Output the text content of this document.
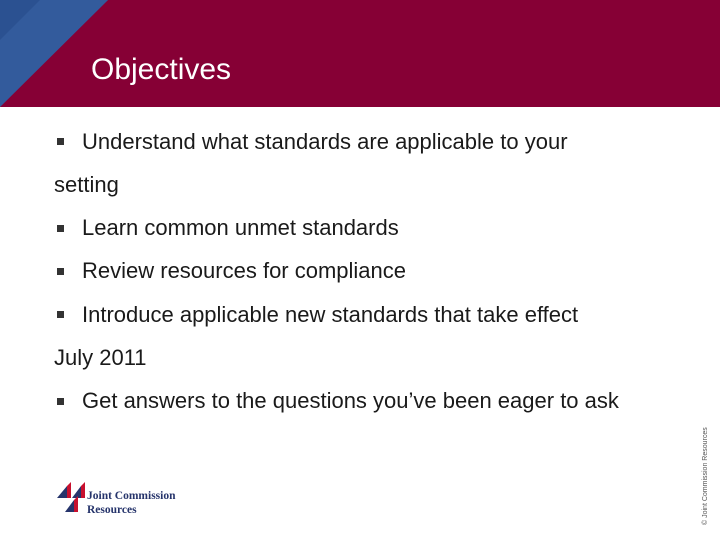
Objectives
Understand what standards are applicable to your
setting
Learn common unmet standards
Review resources for compliance
Introduce applicable new standards that take effect
July 2011
Get answers to the questions you’ve been eager to ask
© Joint Commission Resources
Joint Commission
Resources
